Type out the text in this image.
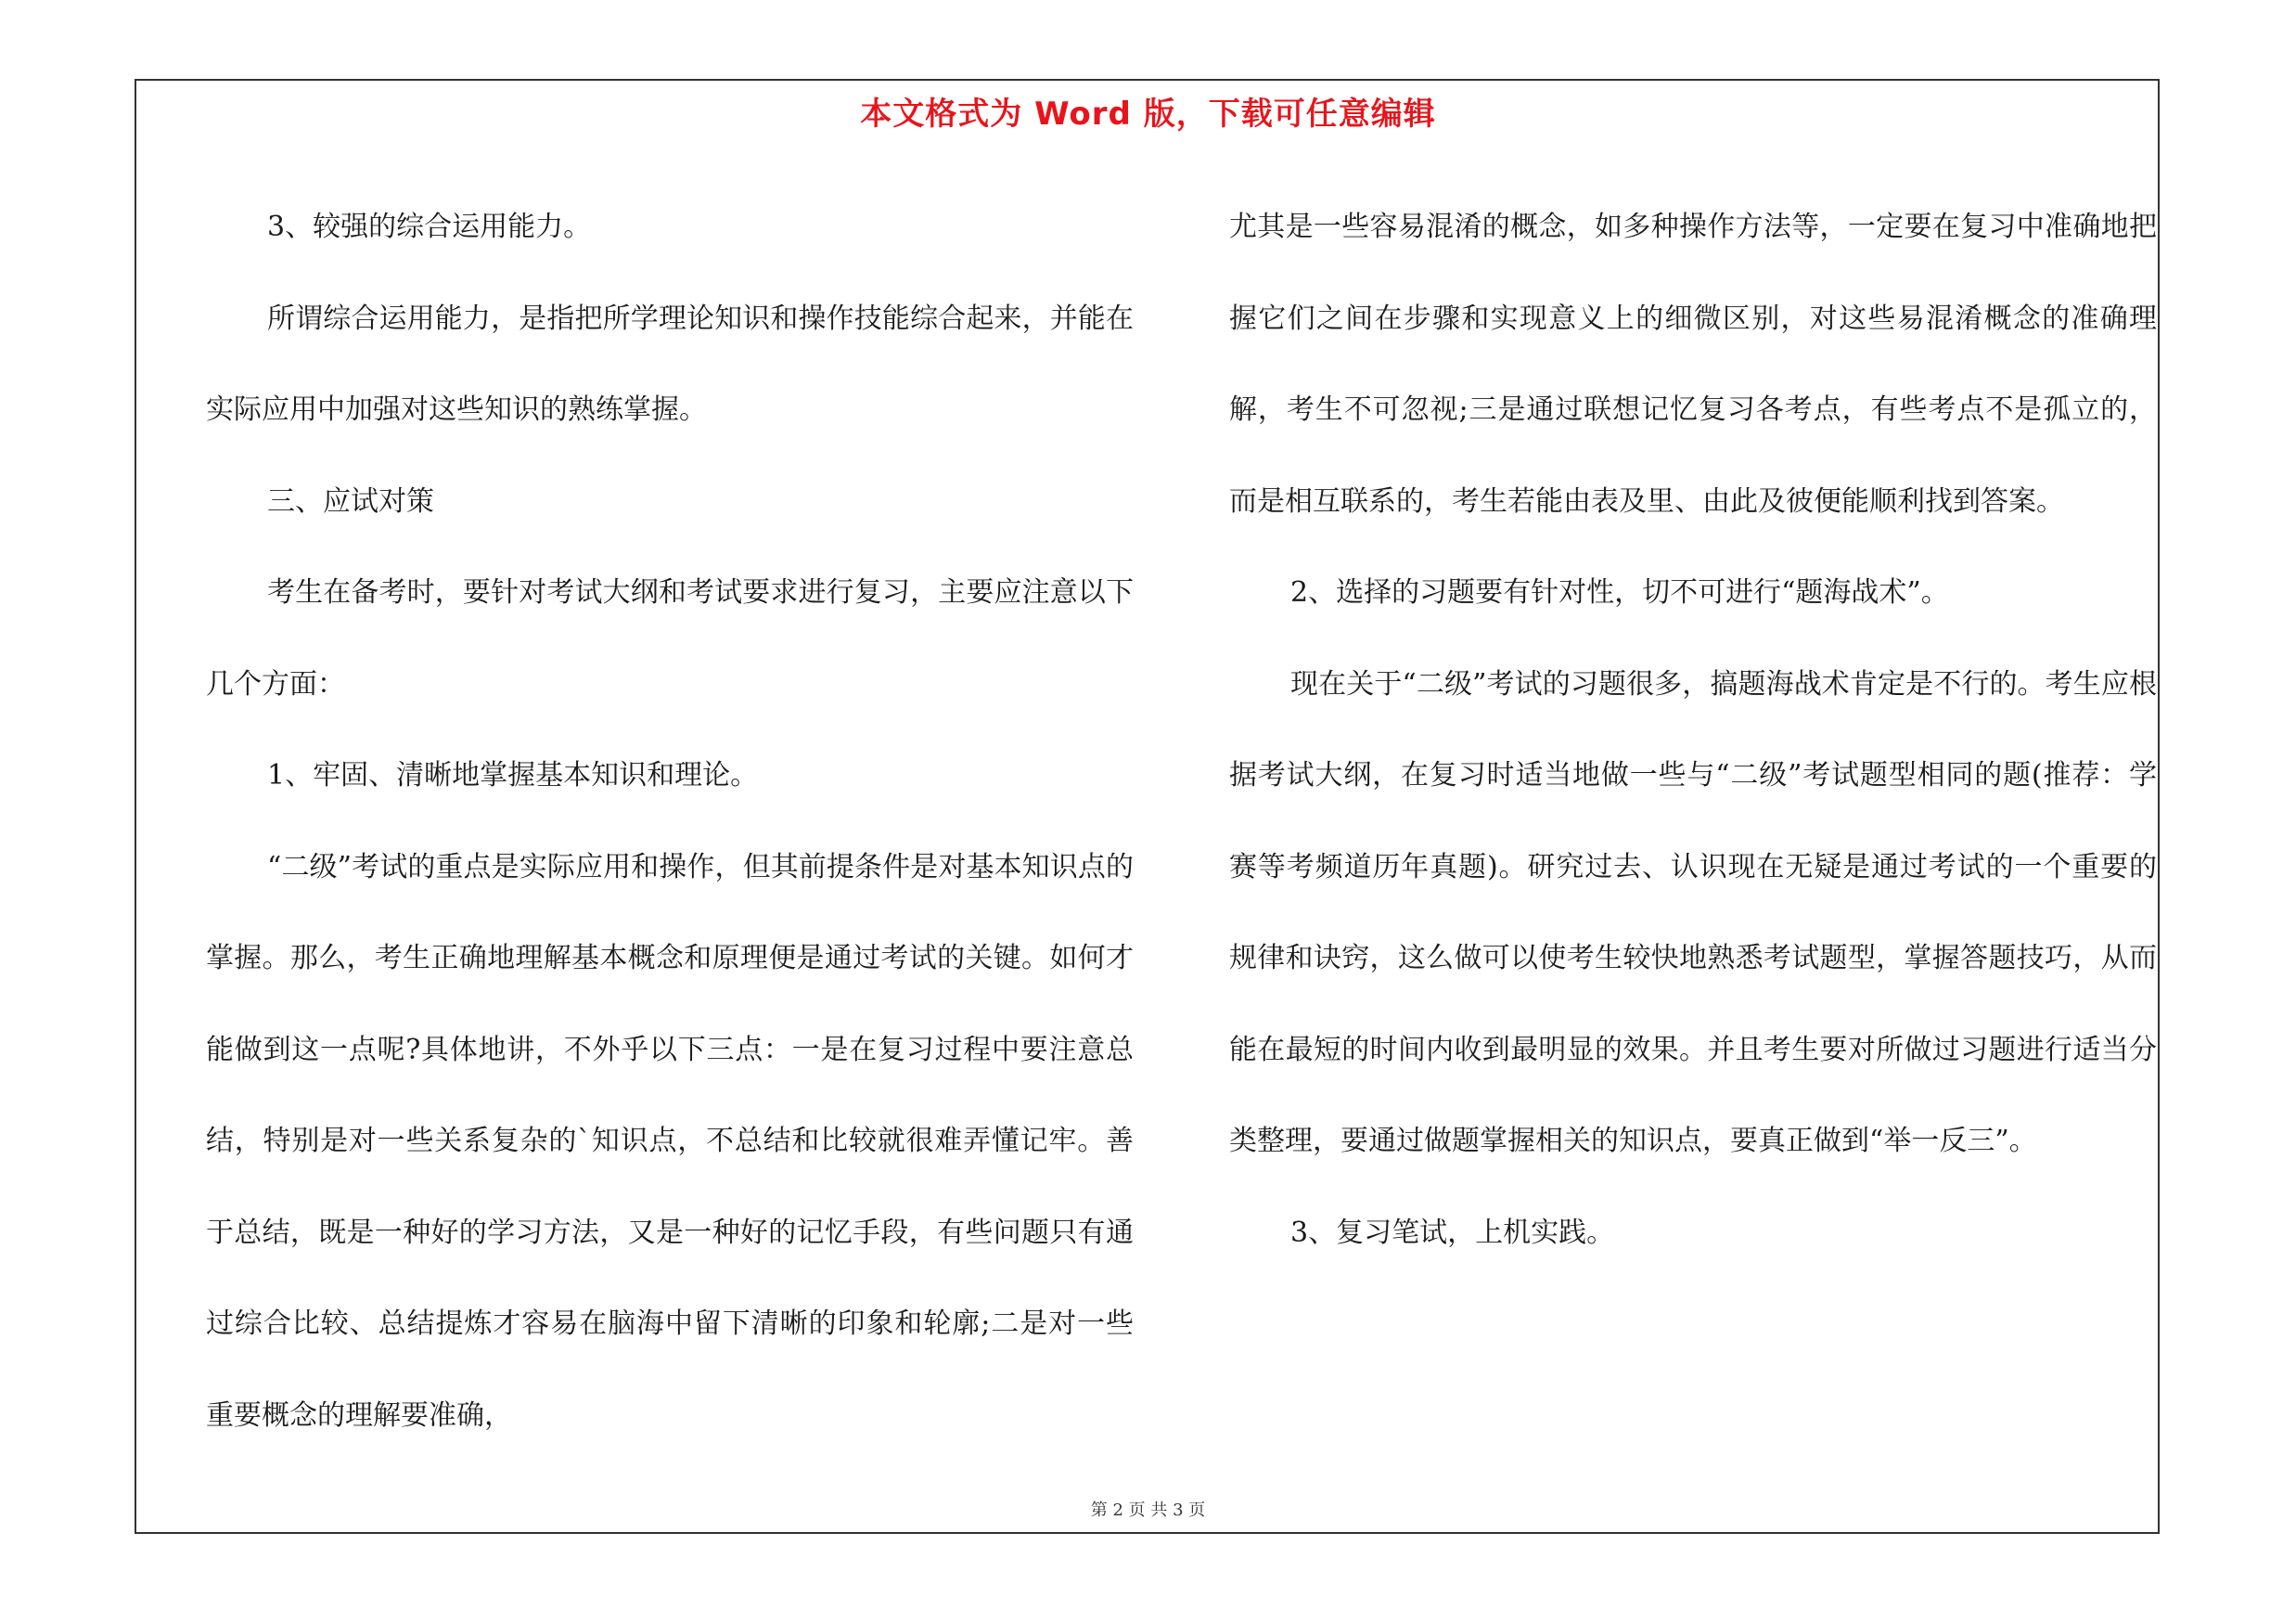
本文格式为 Word 版，下载可任意编辑

3、较强的综合运用能力。

所谓综合运用能力，是指把所学理论知识和操作技能综合起来，并能在实际应用中加强对这些知识的熟练掌握。

三、应试对策

考生在备考时，要针对考试大纲和考试要求进行复习，主要应注意以下几个方面：

1、牢固、清晰地掌握基本知识和理论。

“二级”考试的重点是实际应用和操作，但其前提条件是对基本知识点的掌握。那么，考生正确地理解基本概念和原理便是通过考试的关键。如何才能做到这一点呢?具体地讲，不外乎以下三点：一是在复习过程中要注意总结，特别是对一些关系复杂的`知识点，不总结和比较就很难弄懂记牢。善于总结，既是一种好的学习方法，又是一种好的记忆手段，有些问题只有通过综合比较、总结提炼才容易在脑海中留下清晰的印象和轮廓;二是对一些重要概念的理解要准确，

尤其是一些容易混淆的概念，如多种操作方法等，一定要在复习中准确地把握它们之间在步骤和实现意义上的细微区别，对这些易混淆概念的准确理解，考生不可忽视;三是通过联想记忆复习各考点，有些考点不是孤立的，而是相互联系的，考生若能由表及里、由此及彼便能顺利找到答案。

2、选择的习题要有针对性，切不可进行“题海战术”。

现在关于“二级”考试的习题很多，搞题海战术肯定是不行的。考生应根据考试大纲，在复习时适当地做一些与“二级”考试题型相同的题(推荐：学赛等考频道历年真题)。研究过去、认识现在无疑是通过考试的一个重要的规律和诀窍，这么做可以使考生较快地熟悉考试题型，掌握答题技巧，从而能在最短的时间内收到最明显的效果。并且考生要对所做过习题进行适当分类整理，要通过做题掌握相关的知识点，要真正做到“举一反三”。

3、复习笔试，上机实践。

第 2 页 共 3 页
